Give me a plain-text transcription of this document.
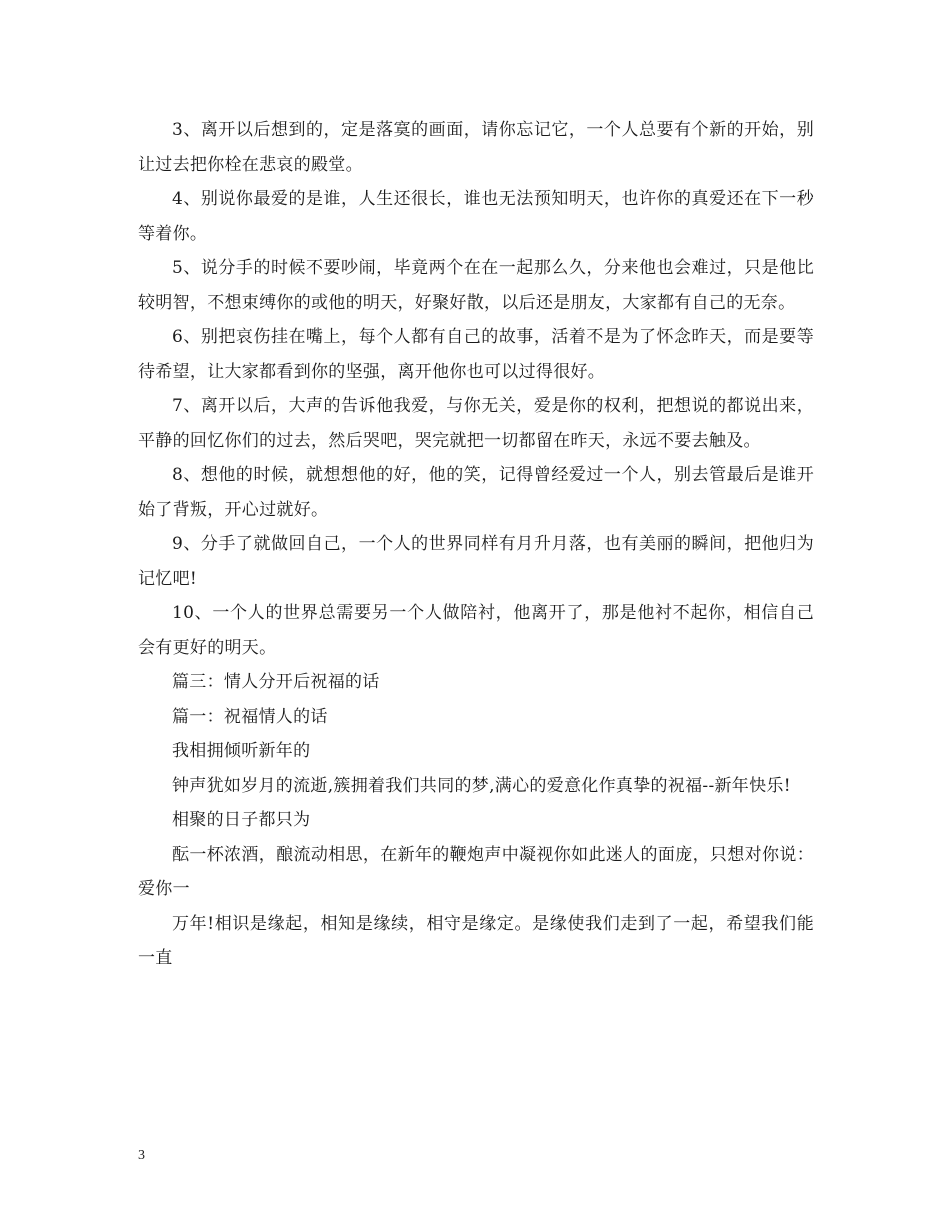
3、离开以后想到的，定是落寞的画面，请你忘记它，一个人总要有个新的开始，别让过去把你栓在悲哀的殿堂。

4、别说你最爱的是谁，人生还很长，谁也无法预知明天，也许你的真爱还在下一秒等着你。

5、说分手的时候不要吵闹，毕竟两个在在一起那么久，分来他也会难过，只是他比较明智，不想束缚你的或他的明天，好聚好散，以后还是朋友，大家都有自己的无奈。

6、别把哀伤挂在嘴上，每个人都有自己的故事，活着不是为了怀念昨天，而是要等待希望，让大家都看到你的坚强，离开他你也可以过得很好。

7、离开以后，大声的告诉他我爱，与你无关，爱是你的权利，把想说的都说出来，平静的回忆你们的过去，然后哭吧，哭完就把一切都留在昨天，永远不要去触及。

8、想他的时候，就想想他的好，他的笑，记得曾经爱过一个人，别去管最后是谁开始了背叛，开心过就好。

9、分手了就做回自己，一个人的世界同样有月升月落，也有美丽的瞬间，把他归为记忆吧!

10、一个人的世界总需要另一个人做陪衬，他离开了，那是他衬不起你，相信自己会有更好的明天。

篇三：情人分开后祝福的话

篇一：祝福情人的话

我相拥倾听新年的

钟声犹如岁月的流逝,簇拥着我们共同的梦,满心的爱意化作真挚的祝福--新年快乐!

相聚的日子都只为

酝一杯浓酒，酿流动相思，在新年的鞭炮声中凝视你如此迷人的面庞，只想对你说：爱你一

万年!相识是缘起，相知是缘续，相守是缘定。是缘使我们走到了一起，希望我们能一直

3
